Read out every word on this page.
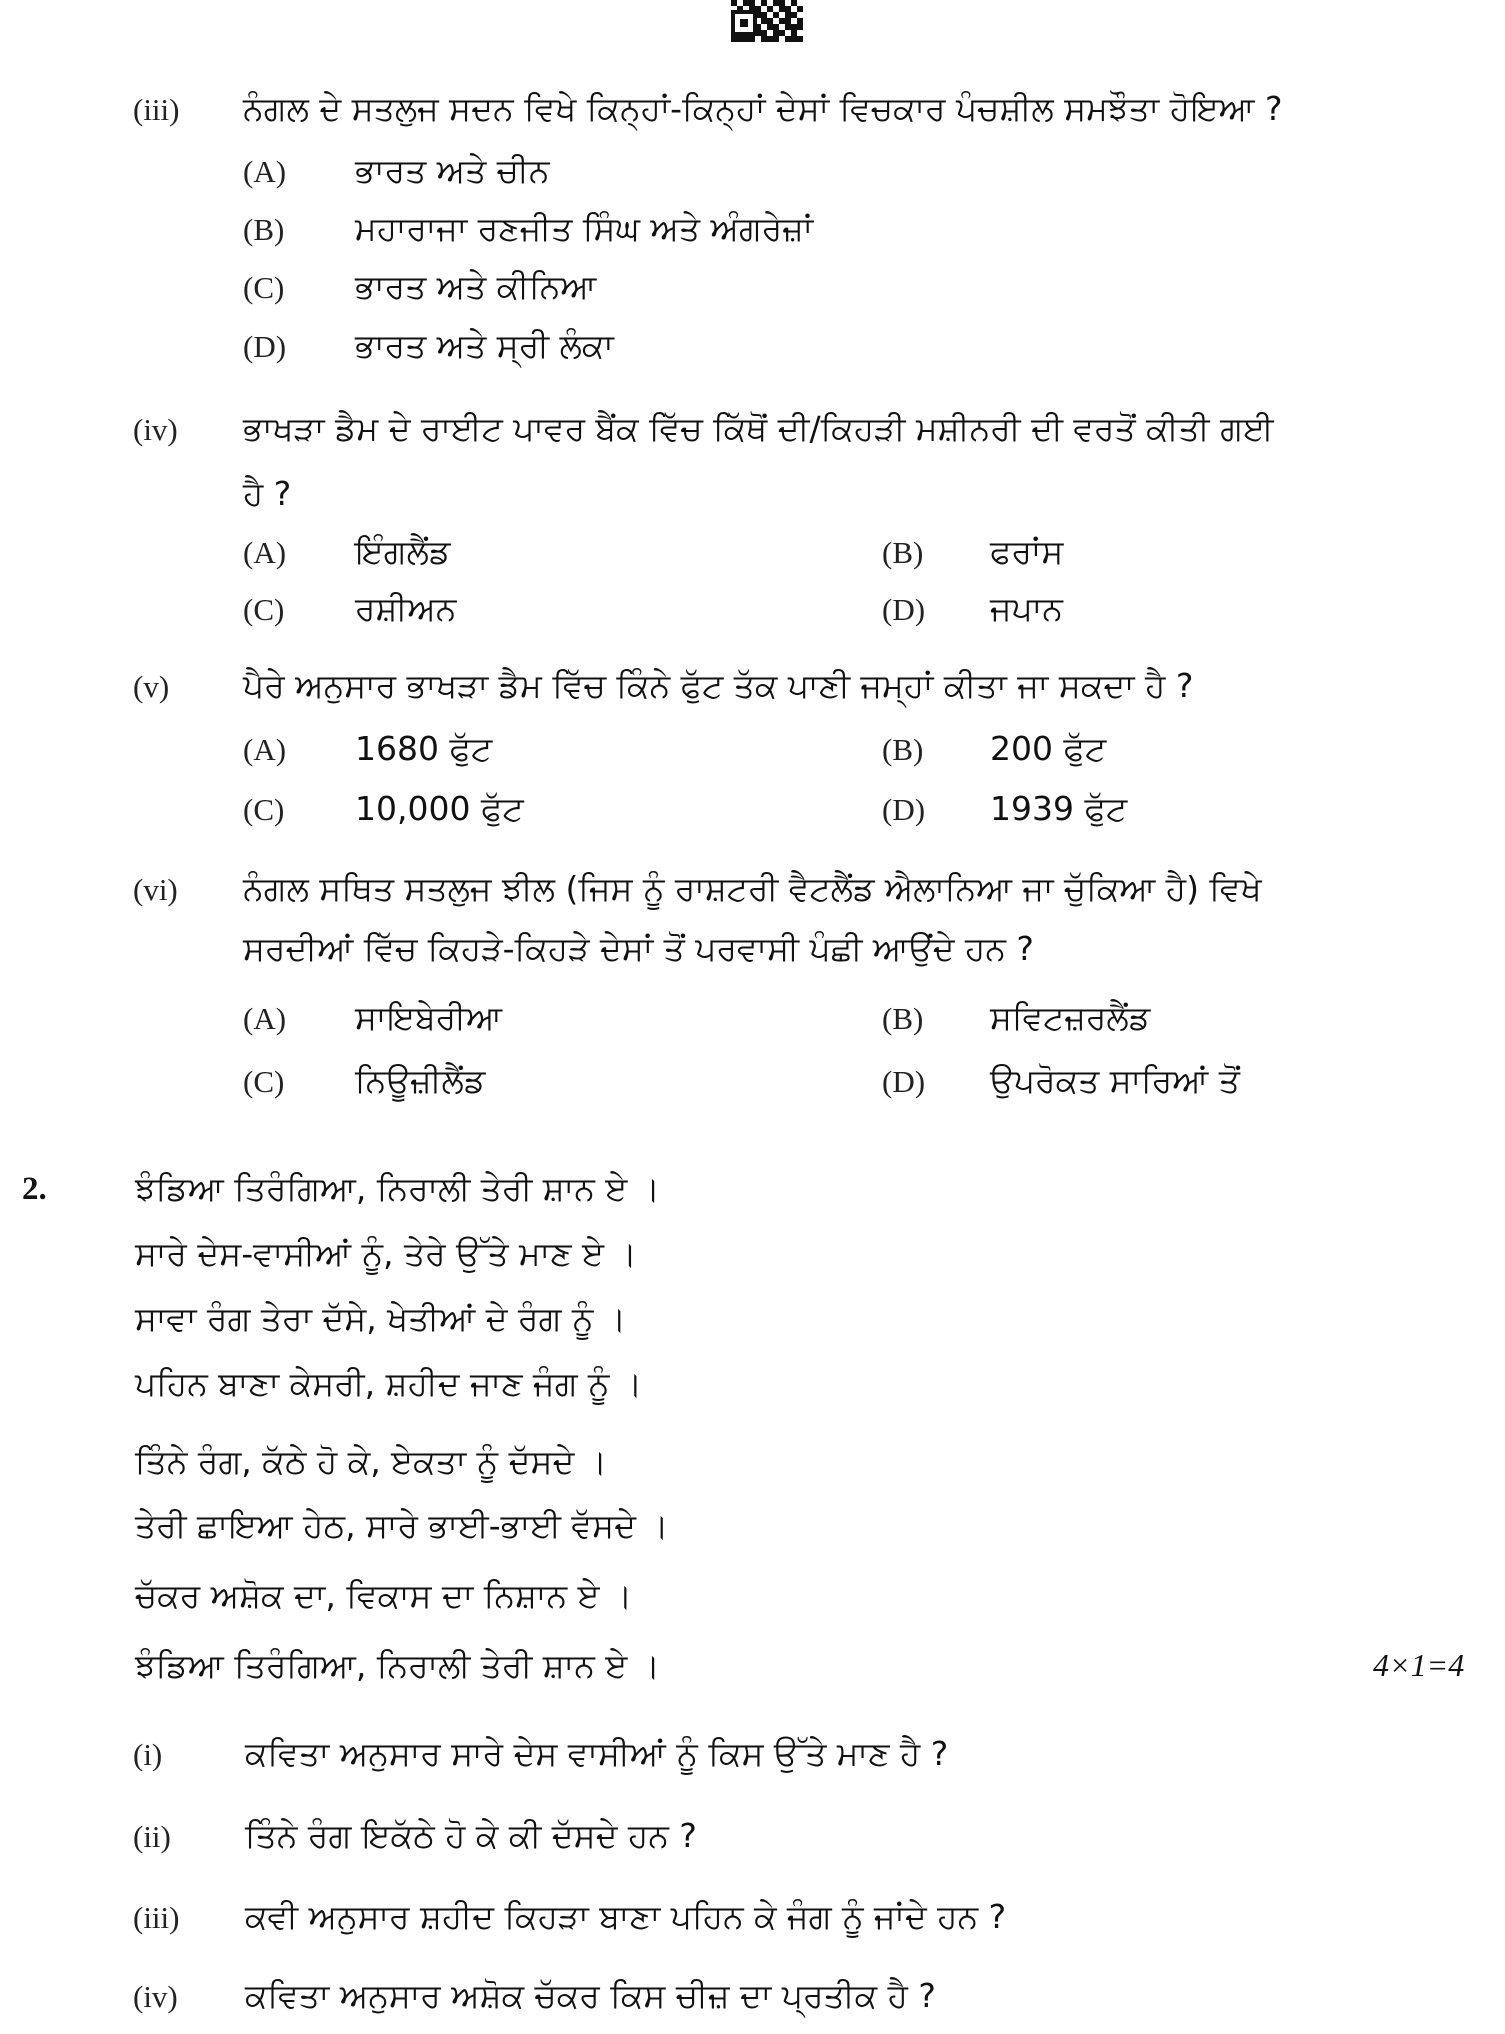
(iii) ਨੰਗਲ ਦੇ ਸਤਲੁਜ ਸਦਨ ਵਿਖੇ ਕਿਨ੍ਹਾਂ-ਕਿਨ੍ਹਾਂ ਦੇਸਾਂ ਵਿਚਕਾਰ ਪੰਚਸ਼ੀਲ ਸਮਝੌਤਾ ਹੋਇਆ ?
(A) ਭਾਰਤ ਅਤੇ ਚੀਨ
(B) ਮਹਾਰਾਜਾ ਰਣਜੀਤ ਸਿੰਘ ਅਤੇ ਅੰਗਰੇਜ਼ਾਂ
(C) ਭਾਰਤ ਅਤੇ ਕੀਨਿਆ
(D) ਭਾਰਤ ਅਤੇ ਸ੍ਰੀ ਲੰਕਾ
(iv) ਭਾਖੜਾ ਡੈਮ ਦੇ ਰਾਈਟ ਪਾਵਰ ਬੈਂਕ ਵਿੱਚ ਕਿੱਥੋਂ ਦੀ/ਕਿਹੜੀ ਮਸ਼ੀਨਰੀ ਦੀ ਵਰਤੋਂ ਕੀਤੀ ਗਈ
ਹੈ ?
(A) ਇੰਗਲੈਂਡ	(B) ਫਰਾਂਸ
(C) ਰਸ਼ੀਅਨ	(D) ਜਪਾਨ
(v) ਪੈਰੇ ਅਨੁਸਾਰ ਭਾਖੜਾ ਡੈਮ ਵਿੱਚ ਕਿੰਨੇ ਫੁੱਟ ਤੱਕ ਪਾਣੀ ਜਮ੍ਹਾਂ ਕੀਤਾ ਜਾ ਸਕਦਾ ਹੈ ?
(A) 1680 ਫੁੱਟ	(B) 200 ਫੁੱਟ
(C) 10,000 ਫੁੱਟ	(D) 1939 ਫੁੱਟ
(vi) ਨੰਗਲ ਸਥਿਤ ਸਤਲੁਜ ਝੀਲ (ਜਿਸ ਨੂੰ ਰਾਸ਼ਟਰੀ ਵੈਟਲੈਂਡ ਐਲਾਨਿਆ ਜਾ ਚੁੱਕਿਆ ਹੈ) ਵਿਖੇ
ਸਰਦੀਆਂ ਵਿੱਚ ਕਿਹੜੇ-ਕਿਹੜੇ ਦੇਸਾਂ ਤੋਂ ਪਰਵਾਸੀ ਪੰਛੀ ਆਉਂਦੇ ਹਨ ?
(A) ਸਾਇਬੇਰੀਆ	(B) ਸਵਿਟਜ਼ਰਲੈਂਡ
(C) ਨਿਊਜ਼ੀਲੈਂਡ	(D) ਉਪਰੋਕਤ ਸਾਰਿਆਂ ਤੋਂ
2.	ਝੰਡਿਆ ਤਿਰੰਗਿਆ, ਨਿਰਾਲੀ ਤੇਰੀ ਸ਼ਾਨ ਏ ।
ਸਾਰੇ ਦੇਸ-ਵਾਸੀਆਂ ਨੂੰ, ਤੇਰੇ ਉੱਤੇ ਮਾਣ ਏ ।
ਸਾਵਾ ਰੰਗ ਤੇਰਾ ਦੱਸੇ, ਖੇਤੀਆਂ ਦੇ ਰੰਗ ਨੂੰ ।
ਪਹਿਨ ਬਾਣਾ ਕੇਸਰੀ, ਸ਼ਹੀਦ ਜਾਣ ਜੰਗ ਨੂੰ ।
ਤਿੰਨੇ ਰੰਗ, ਕੱਠੇ ਹੋ ਕੇ, ਏਕਤਾ ਨੂੰ ਦੱਸਦੇ ।
ਤੇਰੀ ਛਾਇਆ ਹੇਠ, ਸਾਰੇ ਭਾਈ-ਭਾਈ ਵੱਸਦੇ ।
ਚੱਕਰ ਅਸ਼ੋਕ ਦਾ, ਵਿਕਾਸ ਦਾ ਨਿਸ਼ਾਨ ਏ ।
ਝੰਡਿਆ ਤਿਰੰਗਿਆ, ਨਿਰਾਲੀ ਤੇਰੀ ਸ਼ਾਨ ਏ ।	4×1=4
(i)	ਕਵਿਤਾ ਅਨੁਸਾਰ ਸਾਰੇ ਦੇਸ ਵਾਸੀਆਂ ਨੂੰ ਕਿਸ ਉੱਤੇ ਮਾਣ ਹੈ ?
(ii) ਤਿੰਨੇ ਰੰਗ ਇਕੱਠੇ ਹੋ ਕੇ ਕੀ ਦੱਸਦੇ ਹਨ ?
(iii) ਕਵੀ ਅਨੁਸਾਰ ਸ਼ਹੀਦ ਕਿਹੜਾ ਬਾਣਾ ਪਹਿਨ ਕੇ ਜੰਗ ਨੂੰ ਜਾਂਦੇ ਹਨ ?
(iv) ਕਵਿਤਾ ਅਨੁਸਾਰ ਅਸ਼ੋਕ ਚੱਕਰ ਕਿਸ ਚੀਜ਼ ਦਾ ਪ੍ਰਤੀਕ ਹੈ ?
